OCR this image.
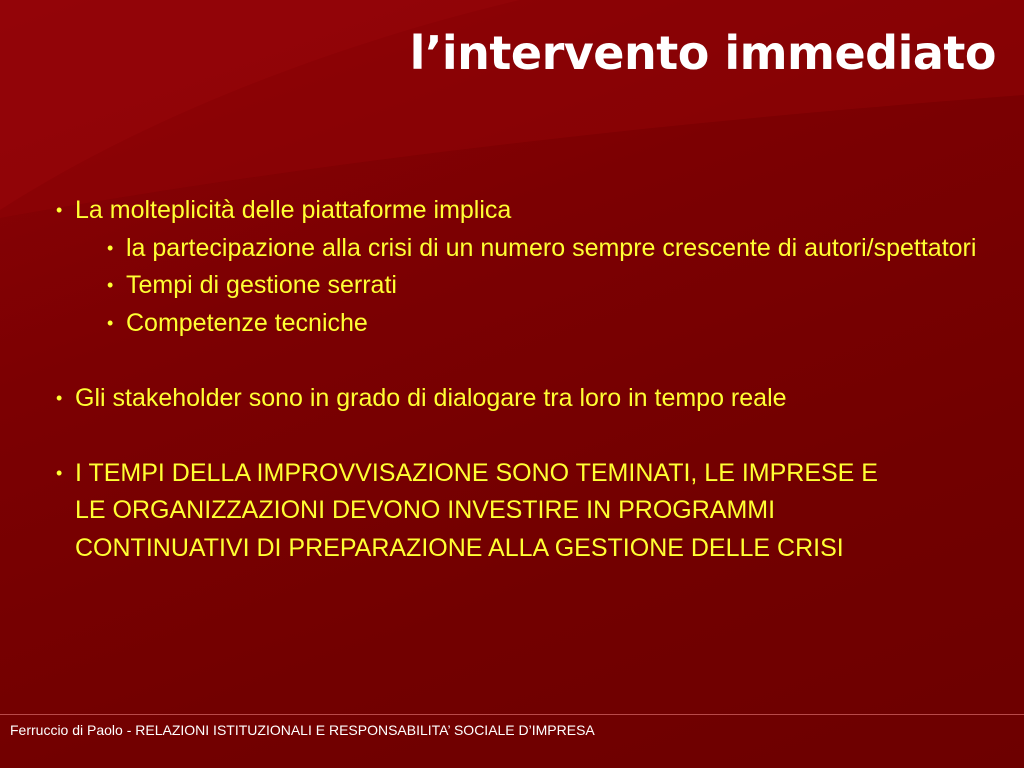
l’intervento immediato
• La molteplicità delle piattaforme implica
• la partecipazione alla crisi di un numero sempre crescente di autori/spettatori
• Tempi di gestione serrati
• Competenze tecniche
• Gli stakeholder sono in grado di dialogare tra loro in tempo reale
• I TEMPI DELLA IMPROVVISAZIONE SONO TEMINATI, LE IMPRESE E LE ORGANIZZAZIONI DEVONO INVESTIRE IN PROGRAMMI CONTINUATIVI DI PREPARAZIONE ALLA GESTIONE DELLE CRISI
Ferruccio di Paolo - RELAZIONI ISTITUZIONALI E RESPONSABILITA’ SOCIALE D’IMPRESA
